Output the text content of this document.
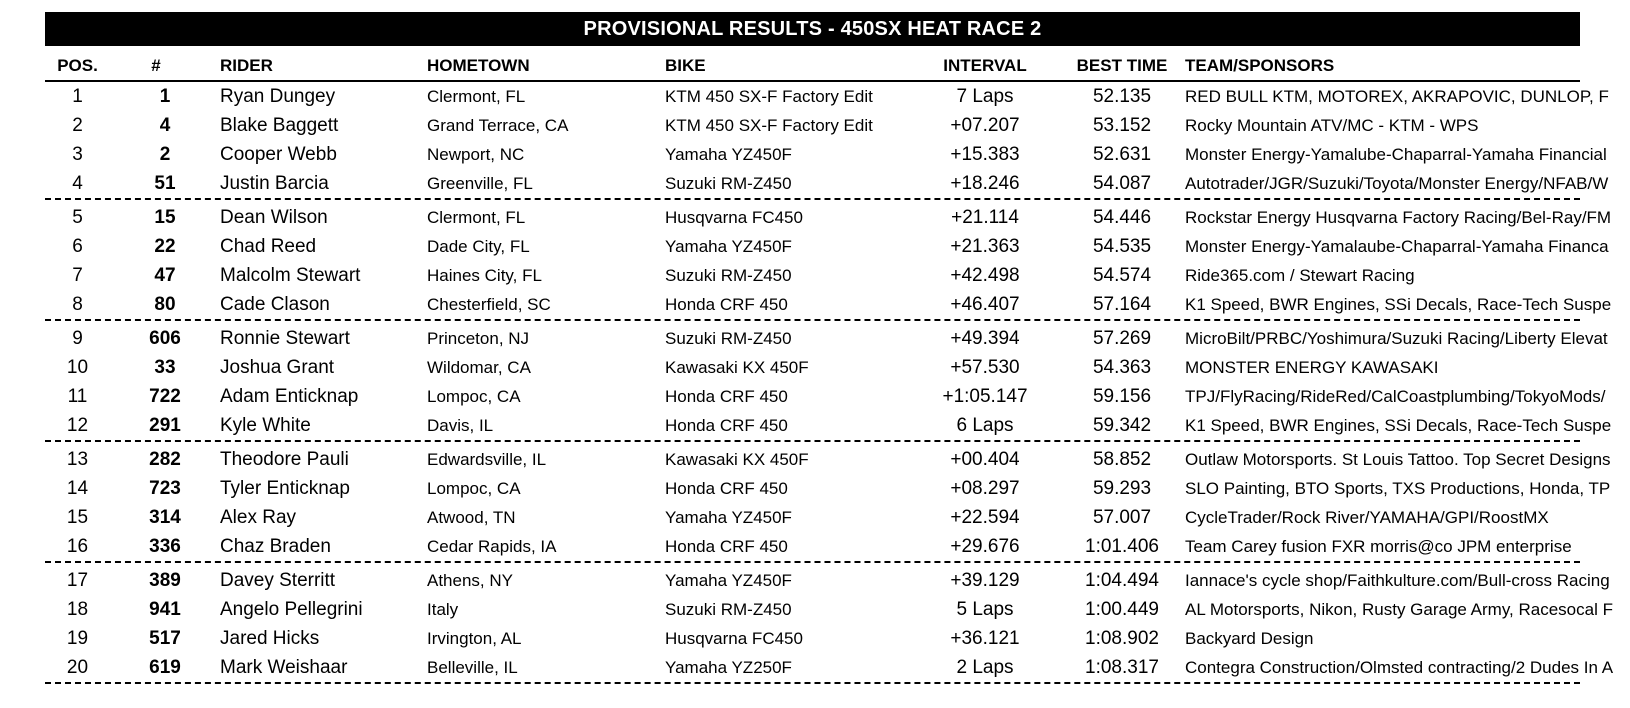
PROVISIONAL RESULTS - 450SX HEAT RACE 2
POS.	#	RIDER	HOMETOWN	BIKE	INTERVAL	BEST TIME	TEAM/SPONSORS
1	1	Ryan Dungey	Clermont, FL	KTM 450 SX-F Factory Edit	7 Laps	52.135	RED BULL KTM, MOTOREX, AKRAPOVIC, DUNLOP, F
2	4	Blake Baggett	Grand Terrace, CA	KTM 450 SX-F Factory Edit	+07.207	53.152	Rocky Mountain ATV/MC - KTM - WPS
3	2	Cooper Webb	Newport, NC	Yamaha YZ450F	+15.383	52.631	Monster Energy-Yamalube-Chaparral-Yamaha Financial
4	51	Justin Barcia	Greenville, FL	Suzuki RM-Z450	+18.246	54.087	Autotrader/JGR/Suzuki/Toyota/Monster Energy/NFAB/W
5	15	Dean Wilson	Clermont, FL	Husqvarna FC450	+21.114	54.446	Rockstar Energy Husqvarna Factory Racing/Bel-Ray/FM
6	22	Chad Reed	Dade City, FL	Yamaha YZ450F	+21.363	54.535	Monster Energy-Yamalaube-Chaparral-Yamaha Financa
7	47	Malcolm Stewart	Haines City, FL	Suzuki RM-Z450	+42.498	54.574	Ride365.com / Stewart Racing
8	80	Cade Clason	Chesterfield, SC	Honda CRF 450	+46.407	57.164	K1 Speed, BWR Engines, SSi Decals, Race-Tech Suspe
9	606	Ronnie Stewart	Princeton, NJ	Suzuki RM-Z450	+49.394	57.269	MicroBilt/PRBC/Yoshimura/Suzuki Racing/Liberty Elevat
10	33	Joshua Grant	Wildomar, CA	Kawasaki KX 450F	+57.530	54.363	MONSTER ENERGY KAWASAKI
11	722	Adam Enticknap	Lompoc, CA	Honda CRF 450	+1:05.147	59.156	TPJ/FlyRacing/RideRed/CalCoastplumbing/TokyoMods/
12	291	Kyle White	Davis, IL	Honda CRF 450	6 Laps	59.342	K1 Speed, BWR Engines, SSi Decals, Race-Tech Suspe
13	282	Theodore Pauli	Edwardsville, IL	Kawasaki KX 450F	+00.404	58.852	Outlaw Motorsports. St Louis Tattoo. Top Secret Designs
14	723	Tyler Enticknap	Lompoc, CA	Honda CRF 450	+08.297	59.293	SLO Painting, BTO Sports, TXS Productions, Honda, TP
15	314	Alex Ray	Atwood, TN	Yamaha YZ450F	+22.594	57.007	CycleTrader/Rock River/YAMAHA/GPI/RoostMX
16	336	Chaz Braden	Cedar Rapids, IA	Honda CRF 450	+29.676	1:01.406	Team Carey fusion FXR morris@co JPM enterprise
17	389	Davey Sterritt	Athens, NY	Yamaha YZ450F	+39.129	1:04.494	Iannace's cycle shop/Faithkulture.com/Bull-cross Racing
18	941	Angelo Pellegrini	Italy	Suzuki RM-Z450	5 Laps	1:00.449	AL Motorsports, Nikon, Rusty Garage Army, Racesocal F
19	517	Jared Hicks	Irvington, AL	Husqvarna FC450	+36.121	1:08.902	Backyard Design
20	619	Mark Weishaar	Belleville, IL	Yamaha YZ250F	2 Laps	1:08.317	Contegra Construction/Olmsted contracting/2 Dudes In A
